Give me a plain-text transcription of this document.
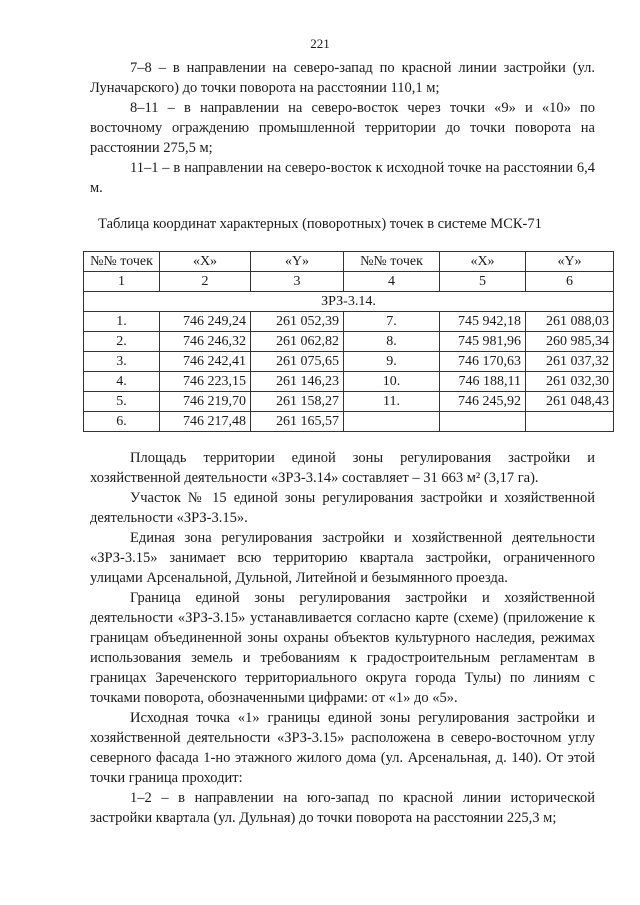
221

7–8 – в направлении на северо-запад по красной линии застройки (ул. Луначарского) до точки поворота на расстоянии 110,1 м;

8–11 – в направлении на северо-восток через точки «9» и «10» по восточному ограждению промышленной территории до точки поворота на расстоянии 275,5 м;

11–1 – в направлении на северо-восток к исходной точке на расстоянии 6,4 м.

Таблица координат характерных (поворотных) точек в системе МСК-71
№№ точек	«X»	«Y»	№№ точек	«X»	«Y»
1	2	3	4	5	6
ЗРЗ-3.14.					
1.	746 249,24	261 052,39	7.	745 942,18	261 088,03
2.	746 246,32	261 062,82	8.	745 981,96	260 985,34
3.	746 242,41	261 075,65	9.	746 170,63	261 037,32
4.	746 223,15	261 146,23	10.	746 188,11	261 032,30
5.	746 219,70	261 158,27	11.	746 245,92	261 048,43
6.	746 217,48	261 165,57			

Площадь территории единой зоны регулирования застройки и хозяйственной деятельности «ЗРЗ-3.14» составляет – 31 663 м² (3,17 га).

Участок № 15 единой зоны регулирования застройки и хозяйственной деятельности «ЗРЗ-3.15».

Единая зона регулирования застройки и хозяйственной деятельности «ЗРЗ-3.15» занимает всю территорию квартала застройки, ограниченного улицами Арсенальной, Дульной, Литейной и безымянного проезда.

Граница единой зоны регулирования застройки и хозяйственной деятельности «ЗРЗ-3.15» устанавливается согласно карте (схеме) (приложение к границам объединенной зоны охраны объектов культурного наследия, режимах использования земель и требованиям к градостроительным регламентам в границах Зареченского территориального округа города Тулы) по линиям с точками поворота, обозначенными цифрами: от «1» до «5».

Исходная точка «1» границы единой зоны регулирования застройки и хозяйственной деятельности «ЗРЗ-3.15» расположена в северо-восточном углу северного фасада 1-но этажного жилого дома (ул. Арсенальная, д. 140). От этой точки граница проходит:

1–2 – в направлении на юго-запад по красной линии исторической застройки квартала (ул. Дульная) до точки поворота на расстоянии 225,3 м;
